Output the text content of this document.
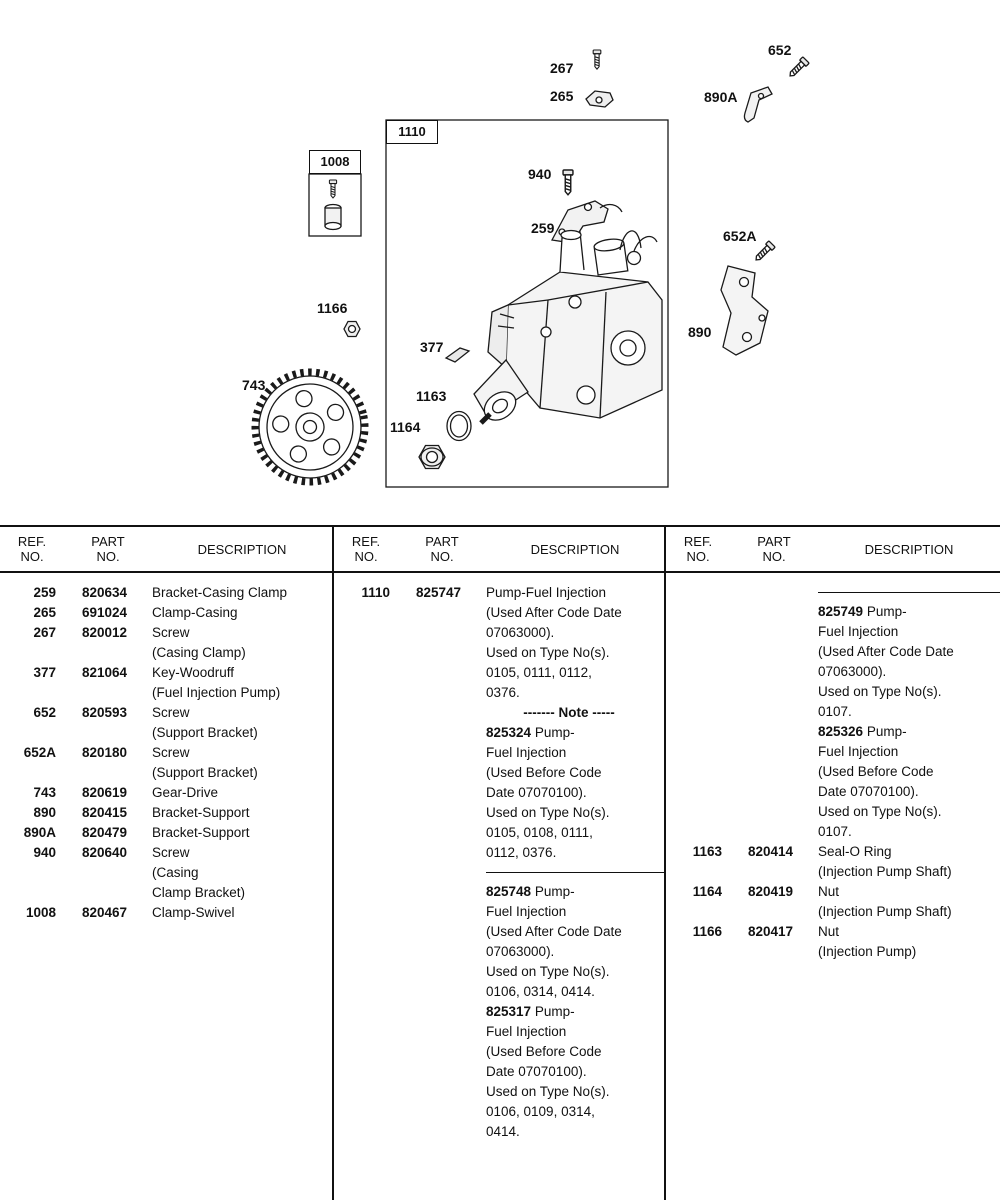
267
265
652
890A
1110
1008
940
259	652A
1166
890
377
743
1163
1164
REF.
NO.
PART
NO.	DESCRIPTION
259 820634	Bracket-Casing Clamp
265 691024	Clamp-Casing
267 820012	Screw
(Casing Clamp)
377 821064	Key-Woodruff
(Fuel Injection Pump)
652 820593	Screw
(Support Bracket)
652A 820180	Screw
(Support Bracket)
743 820619	Gear-Drive
890 820415	Bracket-Support
890A 820479	Bracket-Support
940 820640	Screw
(Casing
Clamp Bracket)
1008 820467	Clamp-Swivel
REF.
NO.
PART
NO.	DESCRIPTION
1110 825747	Pump-Fuel Injection
(Used After Code Date
07063000).
Used on Type No(s).
0105, 0111, 0112,
0376.
------- Note -----
825324 Pump-
Fuel Injection
(Used Before Code
Date 07070100).
Used on Type No(s).
0105, 0108, 0111,
0112, 0376.
825748 Pump-
Fuel Injection
(Used After Code Date
07063000).
Used on Type No(s).
0106, 0314, 0414.
825317 Pump-
Fuel Injection
(Used Before Code
Date 07070100).
Used on Type No(s).
0106, 0109, 0314,
0414.
REF.
NO.
PART
NO.	DESCRIPTION
825749 Pump-
Fuel Injection
(Used After Code Date
07063000).
Used on Type No(s).
0107.
825326 Pump-
Fuel Injection
(Used Before Code
Date 07070100).
Used on Type No(s).
0107.
1163 820414	Seal-O Ring
(Injection Pump Shaft)
1164 820419	Nut
(Injection Pump Shaft)
1166 820417	Nut
(Injection Pump)
